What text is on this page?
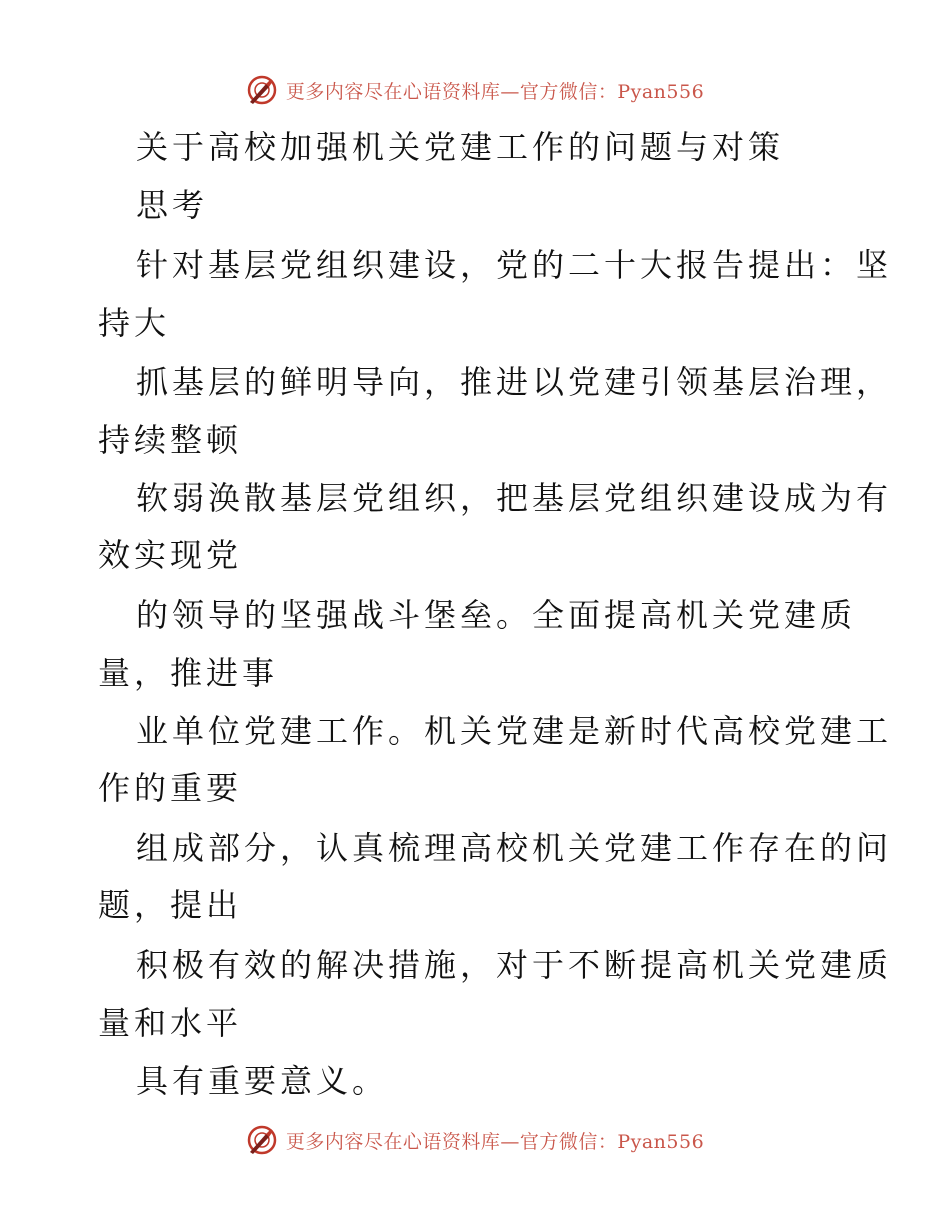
更多内容尽在心语资料库—官方微信：Pyan556
关于高校加强机关党建工作的问题与对策
思考
针对基层党组织建设，党的二十大报告提出：坚
持大
抓基层的鲜明导向，推进以党建引领基层治理，
持续整顿
软弱涣散基层党组织，把基层党组织建设成为有
效实现党
的领导的坚强战斗堡垒。全面提高机关党建质
量，推进事
业单位党建工作。机关党建是新时代高校党建工
作的重要
组成部分，认真梳理高校机关党建工作存在的问
题，提出
积极有效的解决措施，对于不断提高机关党建质
量和水平
具有重要意义。
更多内容尽在心语资料库—官方微信：Pyan556
